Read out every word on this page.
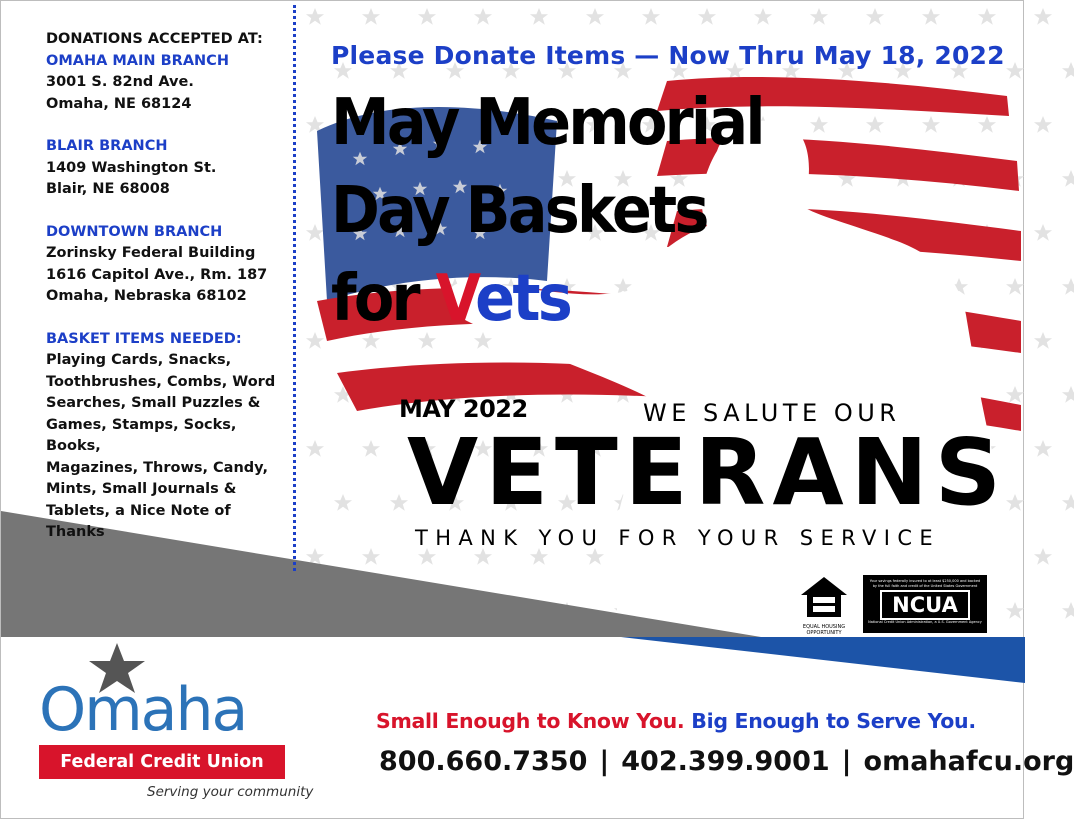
DONATIONS ACCEPTED AT:
OMAHA MAIN BRANCH
3001 S. 82nd Ave.
Omaha, NE 68124
BLAIR BRANCH
1409 Washington St.
Blair, NE 68008
DOWNTOWN BRANCH
Zorinsky Federal Building
1616 Capitol Ave., Rm. 187
Omaha, Nebraska 68102
BASKET ITEMS NEEDED:
Playing Cards, Snacks,
Toothbrushes, Combs, Word
Searches, Small Puzzles &
Games, Stamps, Socks, Books,
Magazines, Throws, Candy,
Mints, Small Journals &
Tablets, a Nice Note of Thanks
Please Donate Items — Now Thru May 18, 2022
May Memorial
Day Baskets
for Vets
MAY 2022	WE SALUTE OUR
VETERANS
THANK YOU FOR YOUR SERVICE
EQUAL HOUSING
OPPORTUNITY
Your savings federally insured to at least $250,000 and backed by the full faith and credit of the United States Government
NCUA
National Credit Union Administration, a U.S. Government Agency
Omaha
Federal Credit Union
Serving your community
Small Enough to Know You. Big Enough to Serve You.
800.660.7350 | 402.399.9001 | omahafcu.org
